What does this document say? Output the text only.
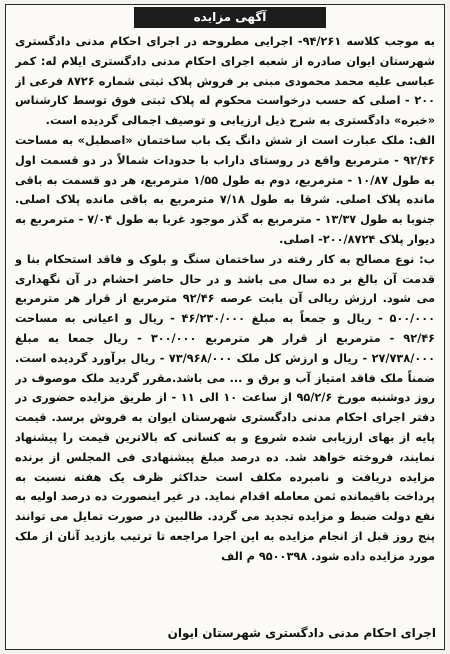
آگهی مزایده

به موجب کلاسه ۹۴/۲۶۱- اجرایی مطروحه در اجرای احکام مدنی دادگستری شهرستان ایوان صادره از شعبه اجرای احکام مدنی دادگستری ایلام له: کمر عباسی علیه محمد محمودی مبنی بر فروش پلاک ثبتی شماره ۸۷۲۶ فرعی از ۲۰۰ - اصلی که حسب درخواست محکوم له پلاک ثبتی فوق توسط کارشناس «خبره» دادگستری به شرح ذیل ارزیابی و توصیف اجمالی گردیده است.

الف: ملک عبارت است از شش دانگ یک باب ساختمان «اصطبل» به مساحت ۹۲/۴۶ - مترمربع واقع در روستای داراب با حدودات شمالاً در دو قسمت اول به طول ۱۰/۸۷ - مترمربع، دوم به طول ۱/۵۵ مترمربع، هر دو قسمت به باقی مانده پلاک اصلی. شرقا به طول ۷/۱۸ مترمربع به باقی مانده پلاک اصلی. جنوبا به طول ۱۳/۳۷ - مترمربع به گذر موجود غربا به طول ۷/۰۴ - مترمربع به دیوار پلاک ۲۰۰/۸۷۲۴- اصلی.

ب: نوع مصالح به کار رفته در ساختمان سنگ و بلوک و فاقد استحکام بنا و قدمت آن بالغ بر ده سال می باشد و در حال حاضر احشام در آن نگهداری می شود. ارزش ریالی آن بابت عرصه ۹۲/۴۶ مترمربع از قرار هر مترمربع ۵۰۰/۰۰۰ - ریال و جمعاً به مبلغ ۴۶/۲۳۰/۰۰۰ - ریال و اعیانی به مساحت ۹۲/۴۶ - مترمربع از قرار هر مترمربع ۳۰۰/۰۰۰ - ریال جمعا به مبلغ ۲۷/۷۳۸/۰۰۰ - ریال و ارزش کل ملک ۷۳/۹۶۸/۰۰۰ - ریال برآورد گردیده است. ضمناً ملک فاقد امتیاز آب و برق و ... می باشد.مقرر گردید ملک موصوف در روز دوشنبه مورخ ۹۵/۲/۶ از ساعت ۱۰ الی ۱۱ - از طریق مزایده حضوری در دفتر اجرای احکام مدنی دادگستری شهرستان ایوان به فروش برسد. قیمت پایه از بهای ارزیابی شده شروع و به کسانی که بالاترین قیمت را پیشنهاد نمایند، فروخته خواهد شد. ده درصد مبلغ پیشنهادی فی المجلس از برنده مزایده دریافت و نامبرده مکلف است حداکثر ظرف یک هفته نسبت به پرداخت باقیمانده ثمن معامله اقدام نماید. در غیر اینصورت ده درصد اولیه به نفع دولت ضبط و مزایده تجدید می گردد. طالبین در صورت تمایل می توانند پنج روز قبل از انجام مزایده به این اجرا مراجعه تا ترتیب بازدید آنان از ملک مورد مزایده داده شود. ۹۵۰۰۳۹۸ م الف

اجرای احکام مدنی دادگستری شهرستان ایوان
